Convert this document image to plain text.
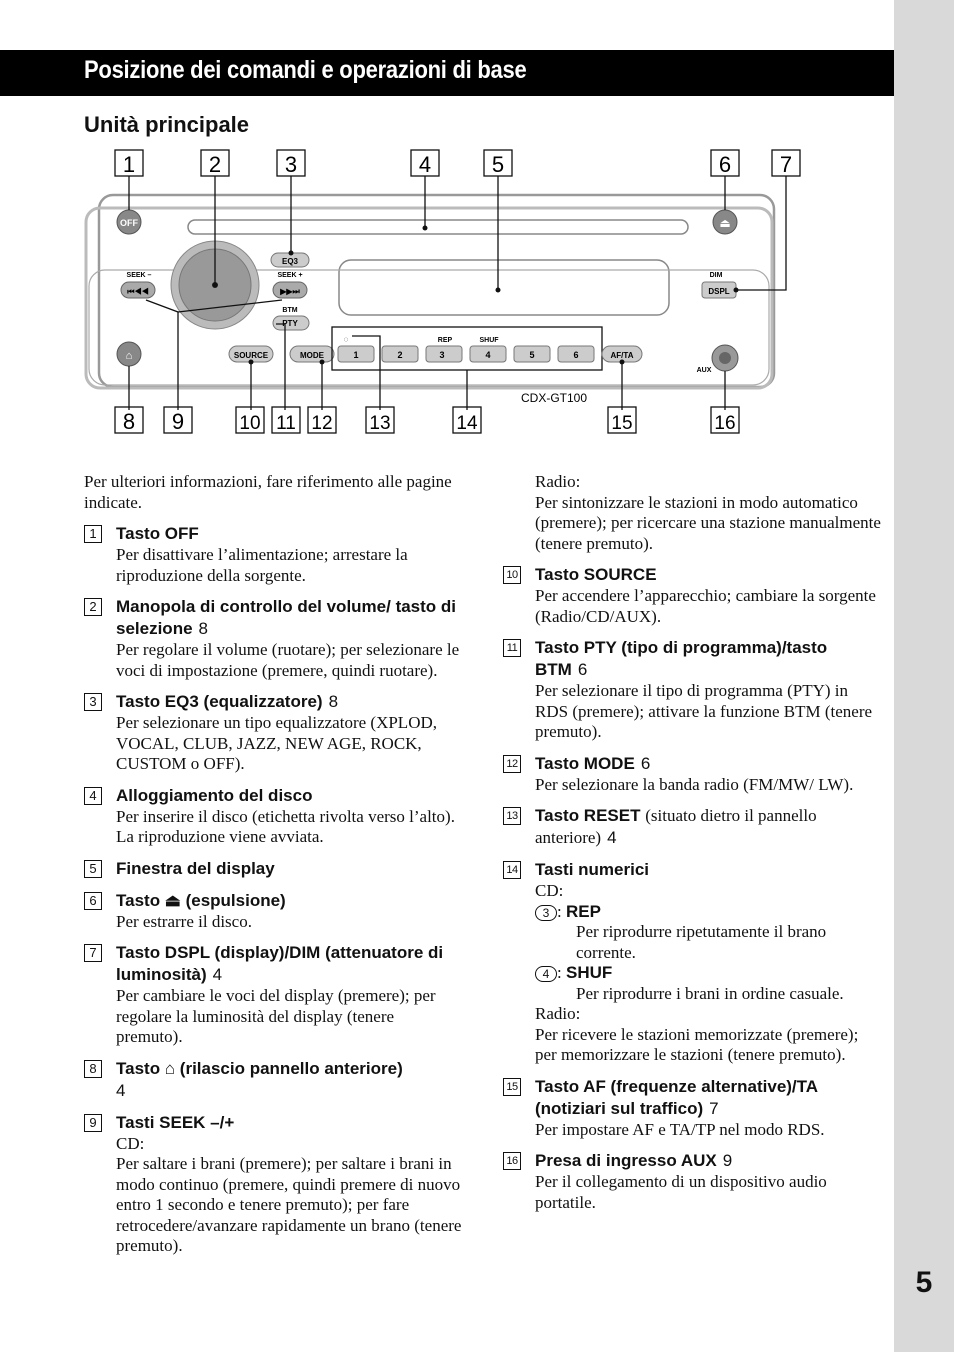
5
Posizione dei comandi e operazioni di base
Unità principale
1	2	3	4	5	6 7
OFF	⏏
EQ3
SEEK –
⏮◀◀
SEEK +
▶▶⏭
BTM
PTY
⌂	SOURCE	MODE
REP	SHUF
◌
1	2	3	4	5	6	AF/TA
DIM
DSPL
AUX
CDX-GT100
8 9	10 11 12 13	14	15	16

Per ulteriori informazioni, fare riferimento alle pagine indicate.

1	Tasto OFF
Per disattivare l’alimentazione; arrestare la riproduzione della sorgente.
2	Manopola di controllo del volume/ tasto di selezione 8
Per regolare il volume (ruotare); per selezionare le voci di impostazione (premere, quindi ruotare).
3	Tasto EQ3 (equalizzatore) 8
Per selezionare un tipo equalizzatore (XPLOD, VOCAL, CLUB, JAZZ, NEW AGE, ROCK, CUSTOM o OFF).
4	Alloggiamento del disco
Per inserire il disco (etichetta rivolta verso l’alto). La riproduzione viene avviata.
5	Finestra del display
6	Tasto ⏏ (espulsione)
Per estrarre il disco.
7	Tasto DSPL (display)/DIM (attenuatore di luminosità) 4
Per cambiare le voci del display (premere); per regolare la luminosità del display (tenere premuto).
8	Tasto ⌂ (rilascio pannello anteriore)
4
9	Tasti SEEK –/+
CD:
Per saltare i brani (premere); per saltare i brani in modo continuo (premere, quindi premere di nuovo entro 1 secondo e tenere premuto); per fare retrocedere/avanzare rapidamente un brano (tenere premuto).
Radio:
Per sintonizzare le stazioni in modo automatico (premere); per ricercare una stazione manualmente (tenere premuto).
10 Tasto SOURCE
Per accendere l’apparecchio; cambiare la sorgente (Radio/CD/AUX).
11 Tasto PTY (tipo di programma)/tasto BTM 6
Per selezionare il tipo di programma (PTY) in RDS (premere); attivare la funzione BTM (tenere premuto).
12 Tasto MODE 6
Per selezionare la banda radio (FM/MW/ LW).
13 Tasto RESET (situato dietro il pannello anteriore) 4
14 Tasti numerici
CD:
3 : REP
Per riprodurre ripetutamente il brano corrente.
4 : SHUF
Per riprodurre i brani in ordine casuale.
Radio:
Per ricevere le stazioni memorizzate (premere); per memorizzare le stazioni (tenere premuto).
15 Tasto AF (frequenze alternative)/TA (notiziari sul traffico) 7
Per impostare AF e TA/TP nel modo RDS.
16 Presa di ingresso AUX 9
Per il collegamento di un dispositivo audio portatile.
